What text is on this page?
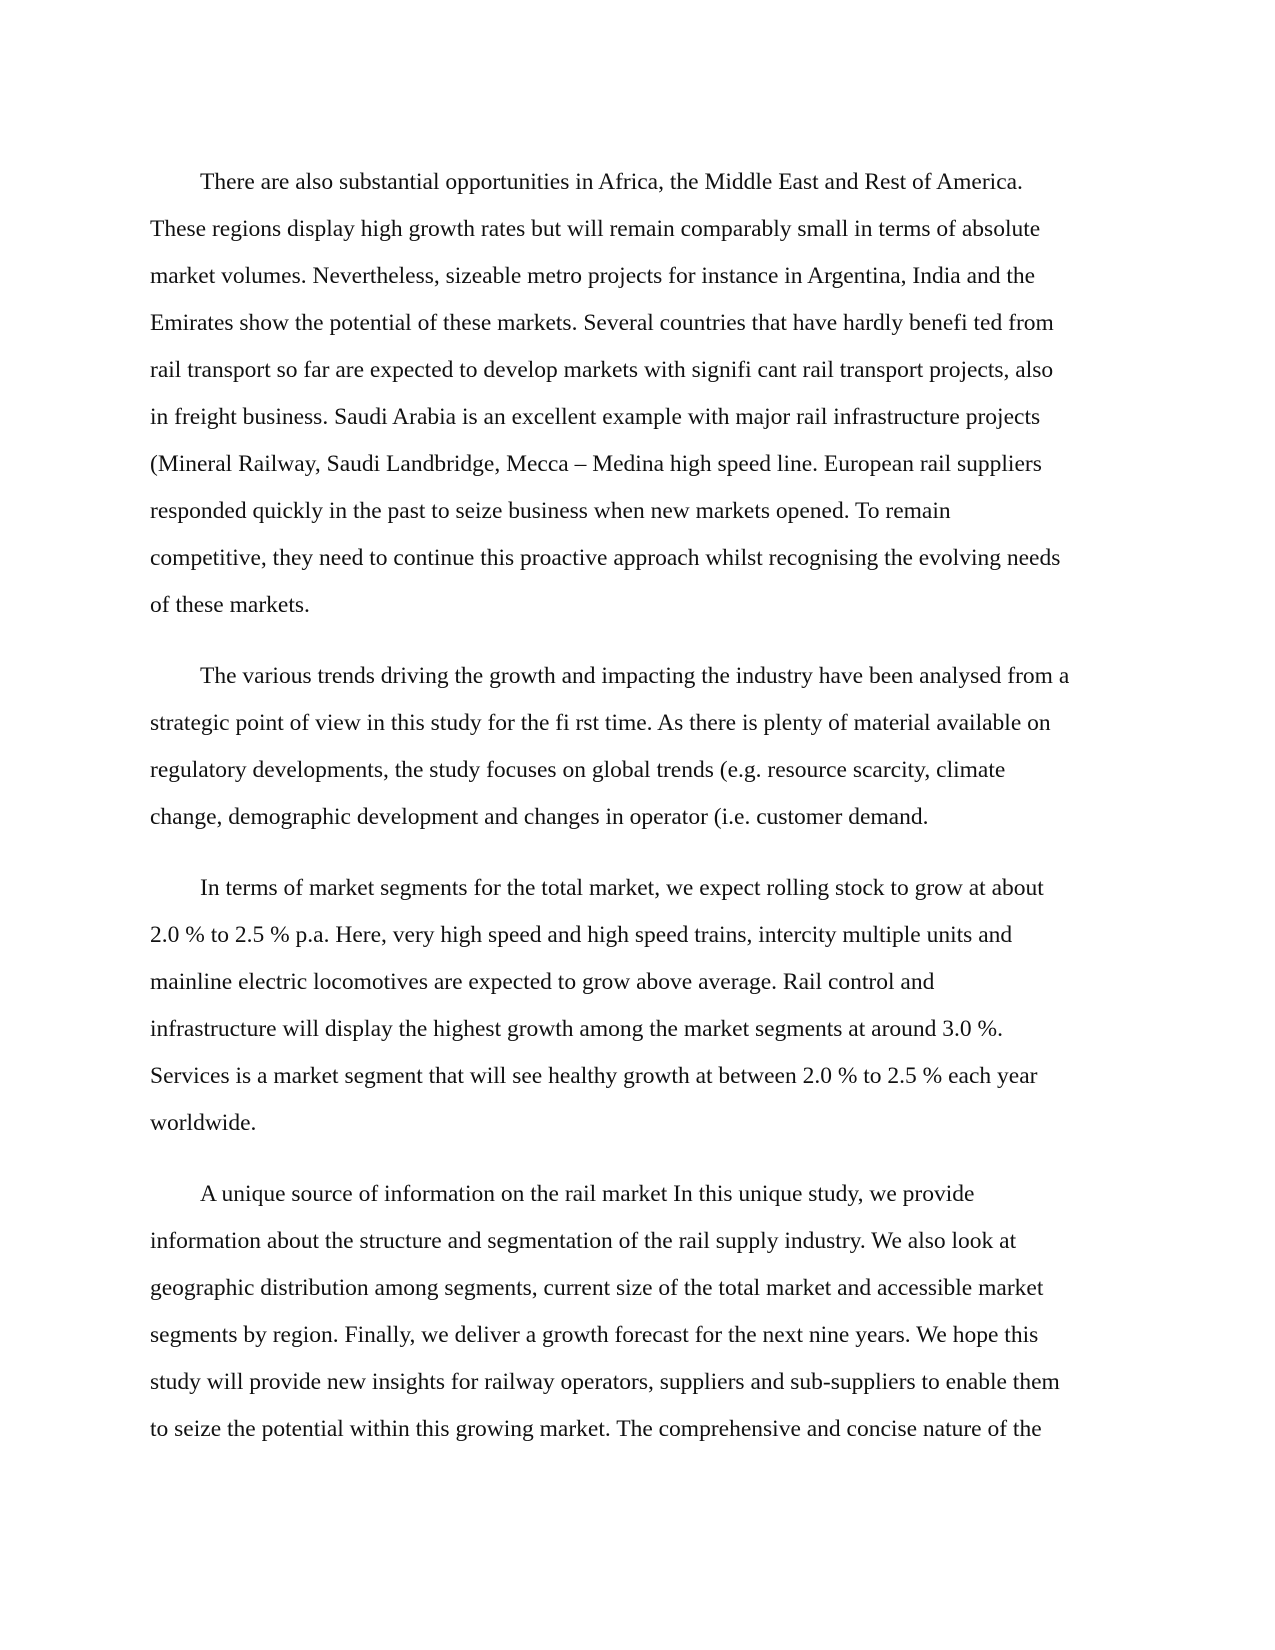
There are also substantial opportunities in Africa, the Middle East and Rest of America.
These regions display high growth rates but will remain comparably small in terms of absolute
market volumes. Nevertheless, sizeable metro projects for instance in Argentina, India and the
Emirates show the potential of these markets. Several countries that have hardly benefi ted from
rail transport so far are expected to develop markets with signifi cant rail transport projects, also
in freight business. Saudi Arabia is an excellent example with major rail infrastructure projects
(Mineral Railway, Saudi Landbridge, Mecca – Medina high speed line. European rail suppliers
responded quickly in the past to seize business when new markets opened. To remain
competitive, they need to continue this proactive approach whilst recognising the evolving needs
of these markets.
The various trends driving the growth and impacting the industry have been analysed from a
strategic point of view in this study for the fi rst time. As there is plenty of material available on
regulatory developments, the study focuses on global trends (e.g. resource scarcity, climate
change, demographic development and changes in operator (i.e. customer demand.
In terms of market segments for the total market, we expect rolling stock to grow at about
2.0 % to 2.5 % p.a. Here, very high speed and high speed trains, intercity multiple units and
mainline electric locomotives are expected to grow above average. Rail control and
infrastructure will display the highest growth among the market segments at around 3.0 %.
Services is a market segment that will see healthy growth at between 2.0 % to 2.5 % each year
worldwide.
A unique source of information on the rail market In this unique study, we provide
information about the structure and segmentation of the rail supply industry. We also look at
geographic distribution among segments, current size of the total market and accessible market
segments by region. Finally, we deliver a growth forecast for the next nine years. We hope this
study will provide new insights for railway operators, suppliers and sub-suppliers to enable them
to seize the potential within this growing market. The comprehensive and concise nature of the
